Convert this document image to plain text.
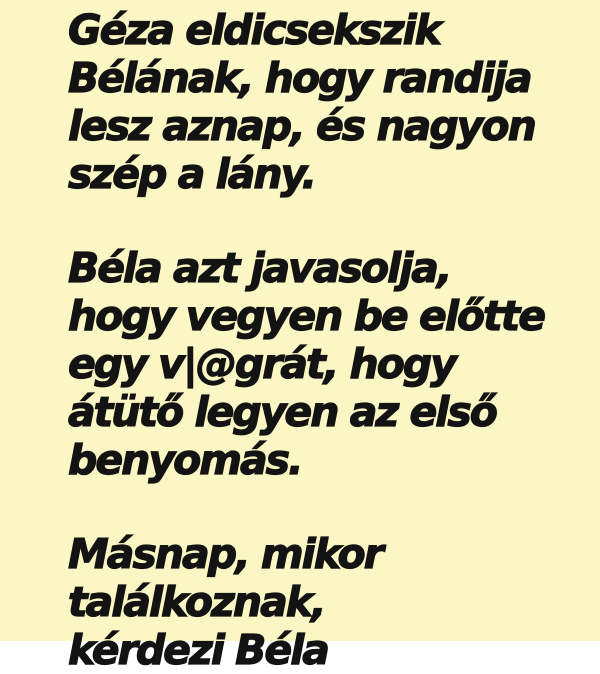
Géza eldicsekszik
Bélának, hogy randija
lesz aznap, és nagyon
szép a lány.

Béla azt javasolja,
hogy vegyen be előtte
egy v|@grát, hogy
átütő legyen az első
benyomás.

Másnap, mikor
találkoznak,
kérdezi Béla
